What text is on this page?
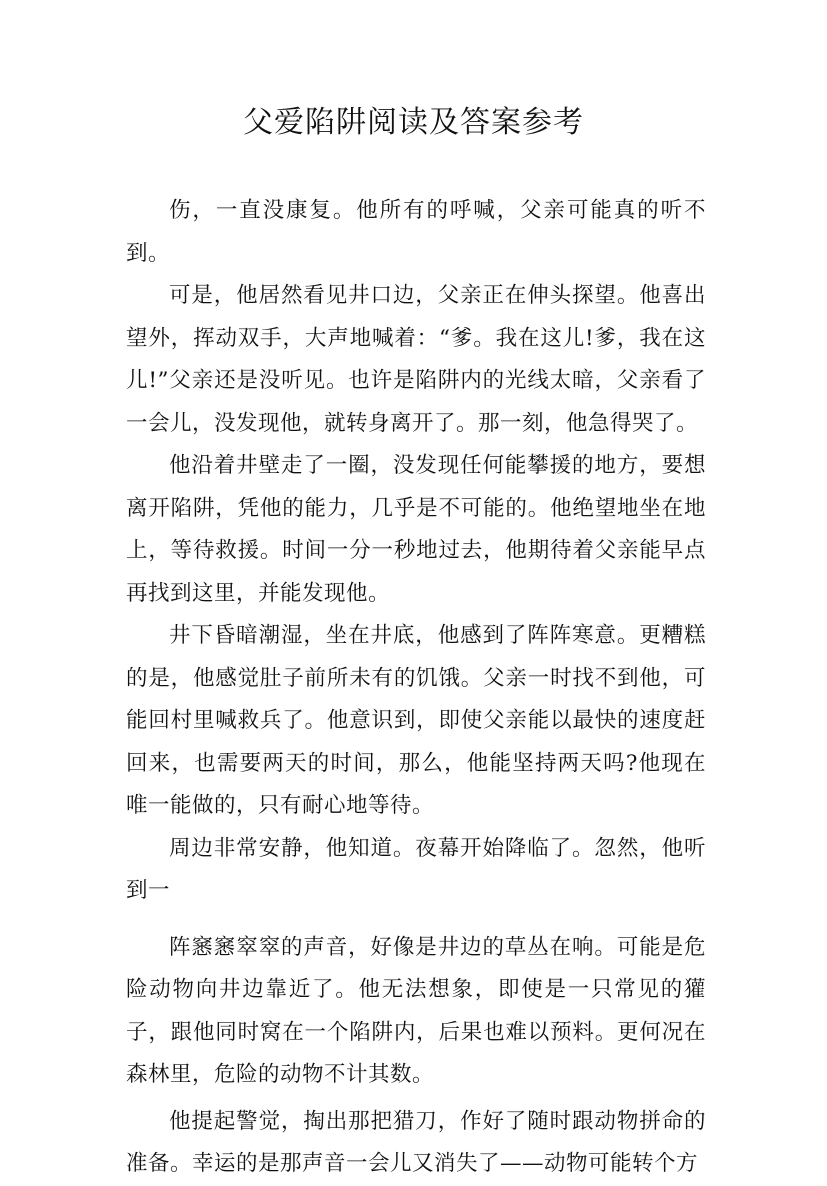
父爱陷阱阅读及答案参考

伤，一直没康复。他所有的呼喊，父亲可能真的听不到。

可是，他居然看见井口边，父亲正在伸头探望。他喜出望外，挥动双手，大声地喊着：“爹。我在这儿!爹，我在这儿!”父亲还是没听见。也许是陷阱内的光线太暗，父亲看了一会儿，没发现他，就转身离开了。那一刻，他急得哭了。

他沿着井壁走了一圈，没发现任何能攀援的地方，要想离开陷阱，凭他的能力，几乎是不可能的。他绝望地坐在地上，等待救援。时间一分一秒地过去，他期待着父亲能早点再找到这里，并能发现他。

井下昏暗潮湿，坐在井底，他感到了阵阵寒意。更糟糕的是，他感觉肚子前所未有的饥饿。父亲一时找不到他，可能回村里喊救兵了。他意识到，即使父亲能以最快的速度赶回来，也需要两天的时间，那么，他能坚持两天吗?他现在唯一能做的，只有耐心地等待。

周边非常安静，他知道。夜幕开始降临了。忽然，他听到一

阵窸窸窣窣的声音，好像是井边的草丛在响。可能是危险动物向井边靠近了。他无法想象，即使是一只常见的獾子，跟他同时窝在一个陷阱内，后果也难以预料。更何况在森林里，危险的动物不计其数。

他提起警觉，掏出那把猎刀，作好了随时跟动物拼命的准备。幸运的是那声音一会儿又消失了——动物可能转个方
